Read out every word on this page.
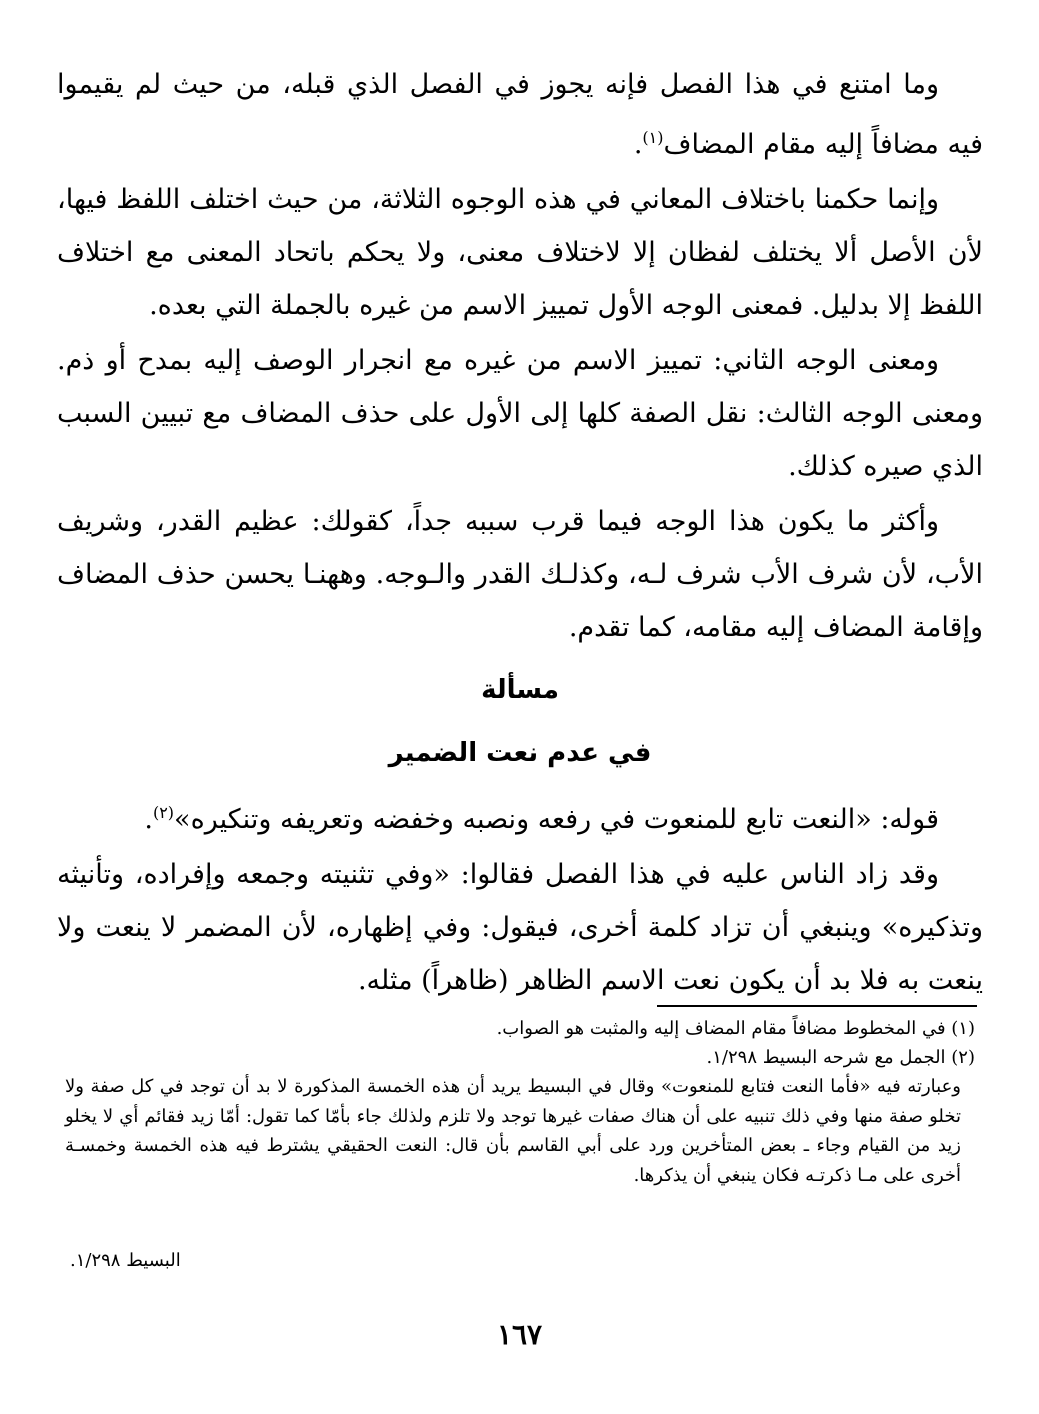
وما امتنع في هذا الفصل فإنه يجوز في الفصل الذي قبله، من حيث لم يقيموا فيه مضافاً إليه مقام المضاف$^{(١)}$.

وإنما حكمنا باختلاف المعاني في هذه الوجوه الثلاثة، من حيث اختلف اللفظ فيها، لأن الأصل ألا يختلف لفظان إلا لاختلاف معنى، ولا يحكم باتحاد المعنى مع اختلاف اللفظ إلا بدليل. فمعنى الوجه الأول تمييز الاسم من غيره بالجملة التي بعده.

ومعنى الوجه الثاني: تمييز الاسم من غيره مع انجرار الوصف إليه بمدح أو ذم. ومعنى الوجه الثالث: نقل الصفة كلها إلى الأول على حذف المضاف مع تبيين السبب الذي صيره كذلك.

وأكثر ما يكون هذا الوجه فيما قرب سببه جداً، كقولك: عظيم القدر، وشريف الأب، لأن شرف الأب شرف لـه، وكذلـك القدر والـوجه. وههنـا يحسن حذف المضاف وإقامة المضاف إليه مقامه، كما تقدم.

مسألة

في عدم نعت الضمير

قوله: «النعت تابع للمنعوت في رفعه ونصبه وخفضه وتعريفه وتنكيره»$^{(٢)}$.

وقد زاد الناس عليه في هذا الفصل فقالوا: «وفي تثنيته وجمعه وإفراده، وتأنيثه وتذكيره» وينبغي أن تزاد كلمة أخرى، فيقول: وفي إظهاره، لأن المضمر لا ينعت ولا ينعت به فلا بد أن يكون نعت الاسم الظاهر (ظاهراً) مثله.

(١) في المخطوط مضافاً مقام المضاف إليه والمثبت هو الصواب.

(٢) الجمل مع شرحه البسيط ١/٢٩٨.

وعبارته فيه «فأما النعت فتابع للمنعوت» وقال في البسيط يريد أن هذه الخمسة المذكورة لا بد أن توجد في كل صفة ولا تخلو صفة منها وفي ذلك تنبيه على أن هناك صفات غيرها توجد ولا تلزم ولذلك جاء بأمّا كما تقول: أمّا زيد فقائم أي لا يخلو زيد من القيام وجاء ـ بعض المتأخرين ورد على أبي القاسم بأن قال: النعت الحقيقي يشترط فيه هذه الخمسة وخمسـة أخرى على مـا ذكرتـه فكان ينبغي أن يذكرها.

البسيط ١/٢٩٨.
١٦٧
